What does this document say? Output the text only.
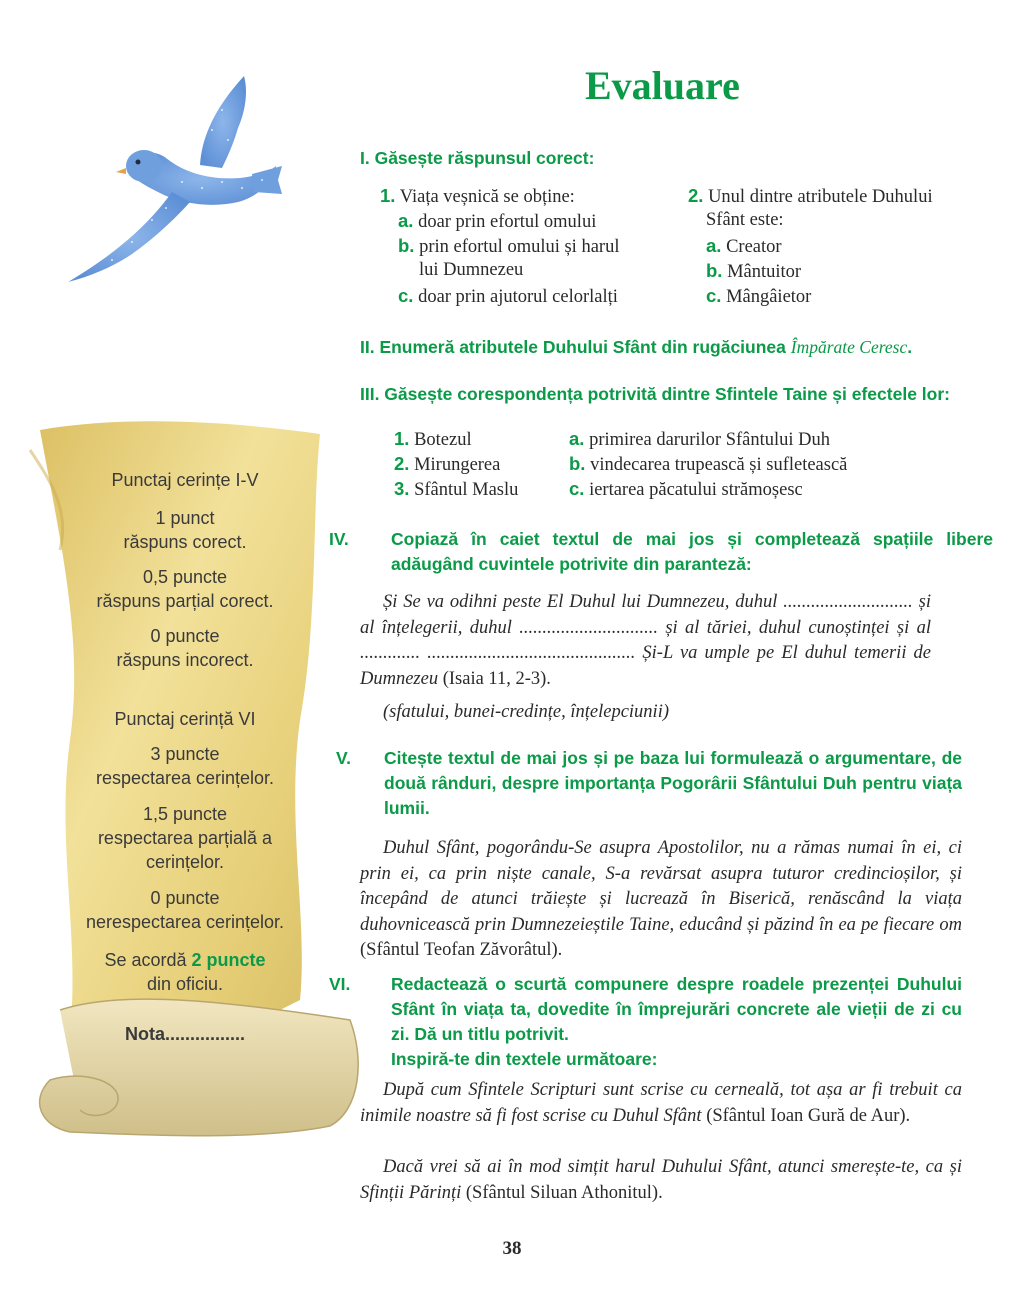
Evaluare
Punctaj cerințe I-V
1 punct
răspuns corect.
0,5 puncte
răspuns parțial corect.
0 puncte
răspuns incorect.
Punctaj cerință VI
3 puncte
respectarea cerințelor.
1,5 puncte
respectarea parțială a
cerințelor.
0 puncte
nerespectarea cerințelor.
Se acordă 2 puncte
din oficiu.
Nota................
I. Găsește răspunsul corect:
1. Viața veșnică se obține:
a. doar prin efortul omului
b. prin efortul omului și harul
lui Dumnezeu
c. doar prin ajutorul celorlalți
2. Unul dintre atributele Duhului
Sfânt este:
a. Creator
b. Mântuitor
c. Mângâietor
II. Enumeră atributele Duhului Sfânt din rugăciunea Împărate Ceresc.
III. Găsește corespondența potrivită dintre Sfintele Taine și efectele lor:
1. Botezul
2. Mirungerea
3. Sfântul Maslu
a. primirea darurilor Sfântului Duh
b. vindecarea trupească și sufletească
c. iertarea păcatului strămoșesc
IV. Copiază în caiet textul de mai jos și completează spațiile libere adăugând cuvintele potrivite din paranteză:
Și Se va odihni peste El Duhul lui Dumnezeu, duhul ............................ și al înțelegerii, duhul .............................. și al tăriei, duhul cunoștinței și al ............. ............................................. Și-L va umple pe El duhul temerii de Dumnezeu (Isaia 11, 2-3).
(sfatului, bunei-credințe, înțelepciunii)
V. Citește textul de mai jos și pe baza lui formulează o argumentare, de două rânduri, despre importanța Pogorârii Sfântului Duh pentru viața lumii.
Duhul Sfânt, pogorându-Se asupra Apostolilor, nu a rămas numai în ei, ci prin ei, ca prin niște canale, S-a revărsat asupra tuturor credincioșilor, și începând de atunci trăiește și lucrează în Biserică, renăscând la viața duhovnicească prin Dumnezeieștile Taine, educând și păzind în ea pe fiecare om (Sfântul Teofan Zăvorâtul).
VI. Redactează o scurtă compunere despre roadele prezenței Duhului Sfânt în viața ta, dovedite în împrejurări concrete ale vieții de zi cu zi. Dă un titlu potrivit.
Inspiră-te din textele următoare:
După cum Sfintele Scripturi sunt scrise cu cerneală, tot așa ar fi trebuit ca inimile noastre să fi fost scrise cu Duhul Sfânt (Sfântul Ioan Gură de Aur).
Dacă vrei să ai în mod simțit harul Duhului Sfânt, atunci smerește-te, ca și Sfinții Părinți (Sfântul Siluan Athonitul).
38
